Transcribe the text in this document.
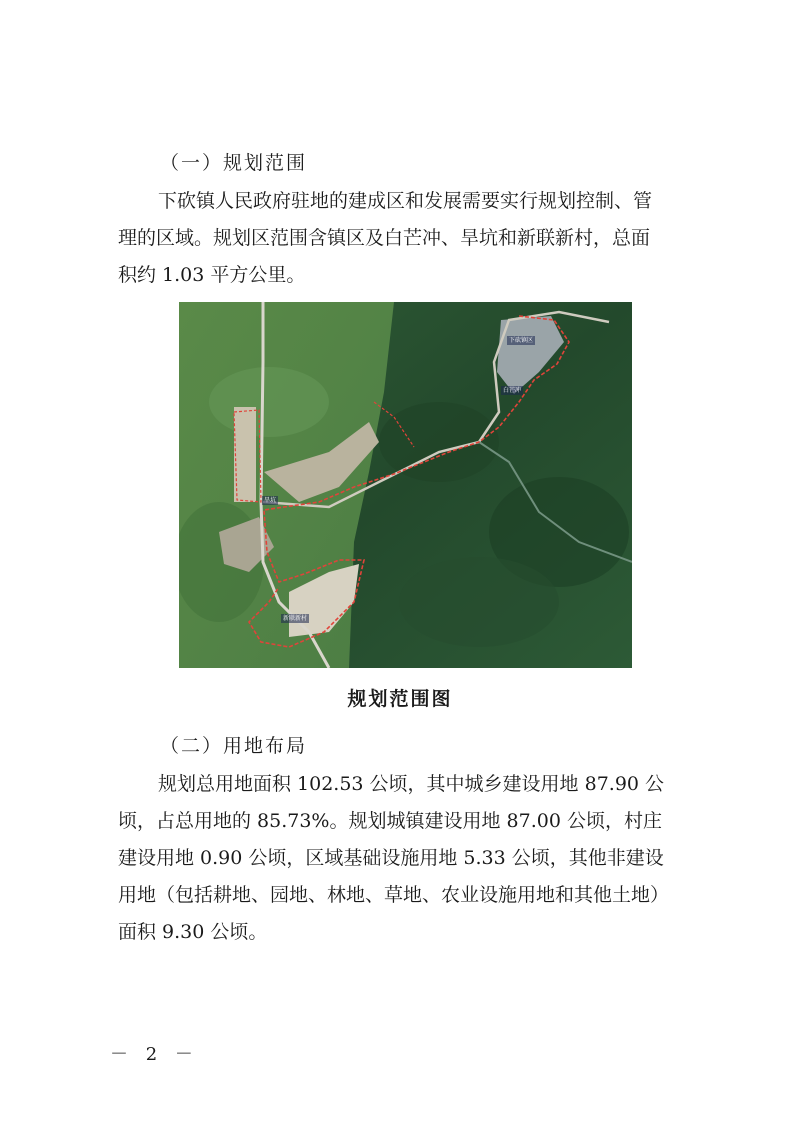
（一）规划范围
下砍镇人民政府驻地的建成区和发展需要实行规划控制、管
理的区域。规划区范围含镇区及白芒冲、旱坑和新联新村，总面
积约 1.03 平方公里。
下砍镇区
白芒冲
旱坑
新联新村
规划范围图
（二）用地布局
规划总用地面积 102.53 公顷，其中城乡建设用地 87.90 公
顷，占总用地的 85.73%。规划城镇建设用地 87.00 公顷，村庄
建设用地 0.90 公顷，区域基础设施用地 5.33 公顷，其他非建设
用地（包括耕地、园地、林地、草地、农业设施用地和其他土地）
面积 9.30 公顷。
－ 2 －
